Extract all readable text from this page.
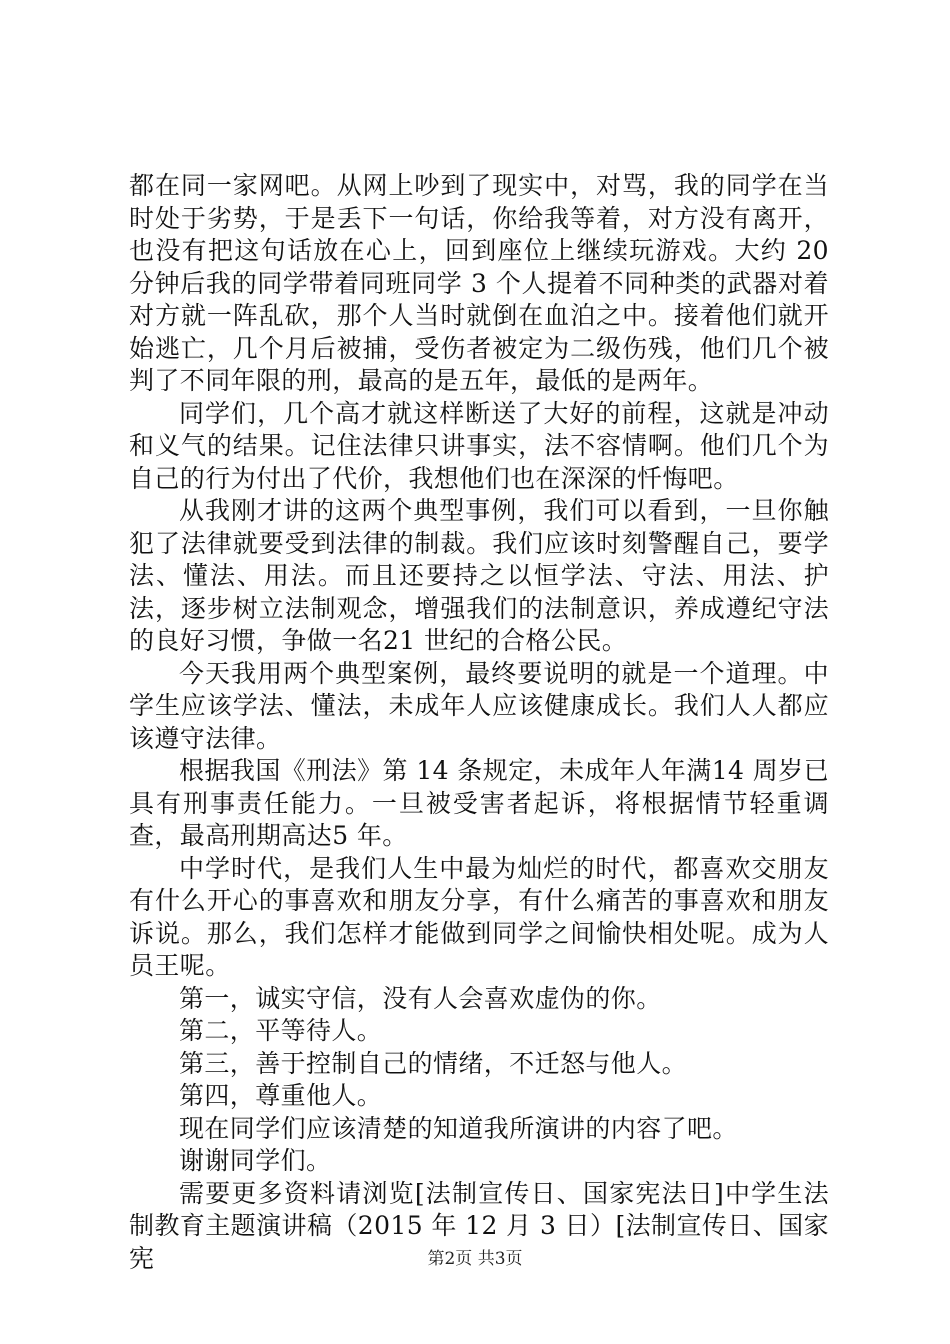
都在同一家网吧。从网上吵到了现实中，对骂，我的同学在当时处于劣势，于是丢下一句话，你给我等着，对方没有离开，也没有把这句话放在心上，回到座位上继续玩游戏。大约 20 分钟后我的同学带着同班同学 3 个人提着不同种类的武器对着对方就一阵乱砍，那个人当时就倒在血泊之中。接着他们就开始逃亡，几个月后被捕，受伤者被定为二级伤残，他们几个被判了不同年限的刑，最高的是五年，最低的是两年。

同学们，几个高才就这样断送了大好的前程，这就是冲动和义气的结果。记住法律只讲事实，法不容情啊。他们几个为自己的行为付出了代价，我想他们也在深深的忏悔吧。

从我刚才讲的这两个典型事例，我们可以看到，一旦你触犯了法律就要受到法律的制裁。我们应该时刻警醒自己，要学法、懂法、用法。而且还要持之以恒学法、守法、用法、护法，逐步树立法制观念，增强我们的法制意识，养成遵纪守法的良好习惯，争做一名21 世纪的合格公民。

今天我用两个典型案例，最终要说明的就是一个道理。中学生应该学法、懂法，未成年人应该健康成长。我们人人都应该遵守法律。

根据我国《刑法》第 14 条规定，未成年人年满14 周岁已具有刑事责任能力。一旦被受害者起诉，将根据情节轻重调查，最高刑期高达5 年。

中学时代，是我们人生中最为灿烂的时代，都喜欢交朋友有什么开心的事喜欢和朋友分享，有什么痛苦的事喜欢和朋友诉说。那么，我们怎样才能做到同学之间愉快相处呢。成为人员王呢。

第一，诚实守信，没有人会喜欢虚伪的你。

第二，平等待人。

第三，善于控制自己的情绪，不迁怒与他人。

第四，尊重他人。

现在同学们应该清楚的知道我所演讲的内容了吧。

谢谢同学们。

需要更多资料请浏览[法制宣传日、国家宪法日]中学生法制教育主题演讲稿（2015 年 12 月 3 日）[法制宣传日、国家宪	第2页 共3页
